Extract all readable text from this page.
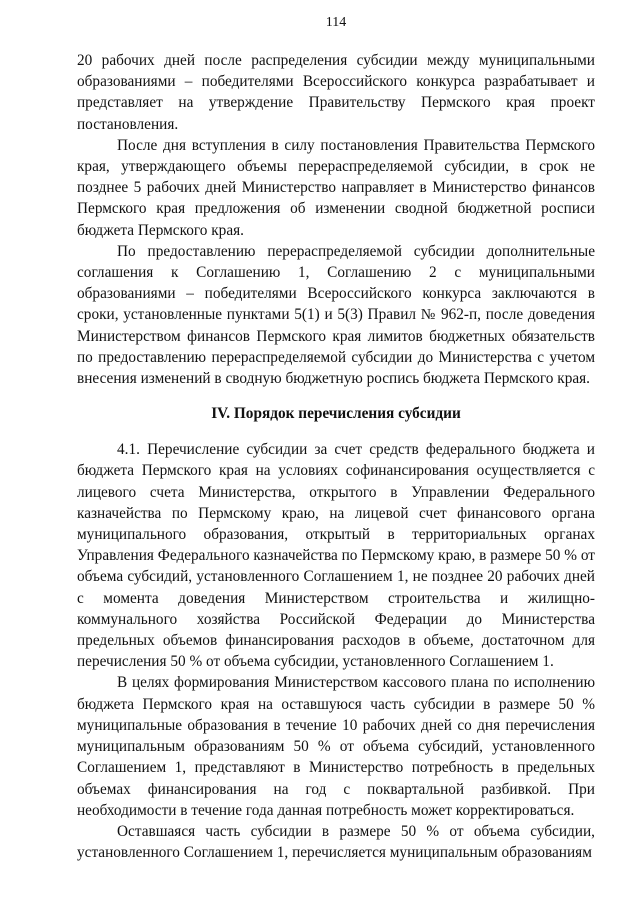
114

20 рабочих дней после распределения субсидии между муниципальными образованиями – победителями Всероссийского конкурса разрабатывает и представляет на утверждение Правительству Пермского края проект постановления.

После дня вступления в силу постановления Правительства Пермского края, утверждающего объемы перераспределяемой субсидии, в срок не позднее 5 рабочих дней Министерство направляет в Министерство финансов Пермского края предложения об изменении сводной бюджетной росписи бюджета Пермского края.

По предоставлению перераспределяемой субсидии дополнительные соглашения к Соглашению 1, Соглашению 2 с муниципальными образованиями – победителями Всероссийского конкурса заключаются в сроки, установленные пунктами 5(1) и 5(3) Правил № 962-п, после доведения Министерством финансов Пермского края лимитов бюджетных обязательств по предоставлению перераспределяемой субсидии до Министерства с учетом внесения изменений в сводную бюджетную роспись бюджета Пермского края.

IV. Порядок перечисления субсидии

4.1. Перечисление субсидии за счет средств федерального бюджета и бюджета Пермского края на условиях софинансирования осуществляется с лицевого счета Министерства, открытого в Управлении Федерального казначейства по Пермскому краю, на лицевой счет финансового органа муниципального образования, открытый в территориальных органах Управления Федерального казначейства по Пермскому краю, в размере 50 % от объема субсидий, установленного Соглашением 1, не позднее 20 рабочих дней с момента доведения Министерством строительства и жилищно-коммунального хозяйства Российской Федерации до Министерства предельных объемов финансирования расходов в объеме, достаточном для перечисления 50 % от объема субсидии, установленного Соглашением 1.

В целях формирования Министерством кассового плана по исполнению бюджета Пермского края на оставшуюся часть субсидии в размере 50 % муниципальные образования в течение 10 рабочих дней со дня перечисления муниципальным образованиям 50 % от объема субсидий, установленного Соглашением 1, представляют в Министерство потребность в предельных объемах финансирования на год с поквартальной разбивкой. При необходимости в течение года данная потребность может корректироваться.

Оставшаяся часть субсидии в размере 50 % от объема субсидии, установленного Соглашением 1, перечисляется муниципальным образованиям
